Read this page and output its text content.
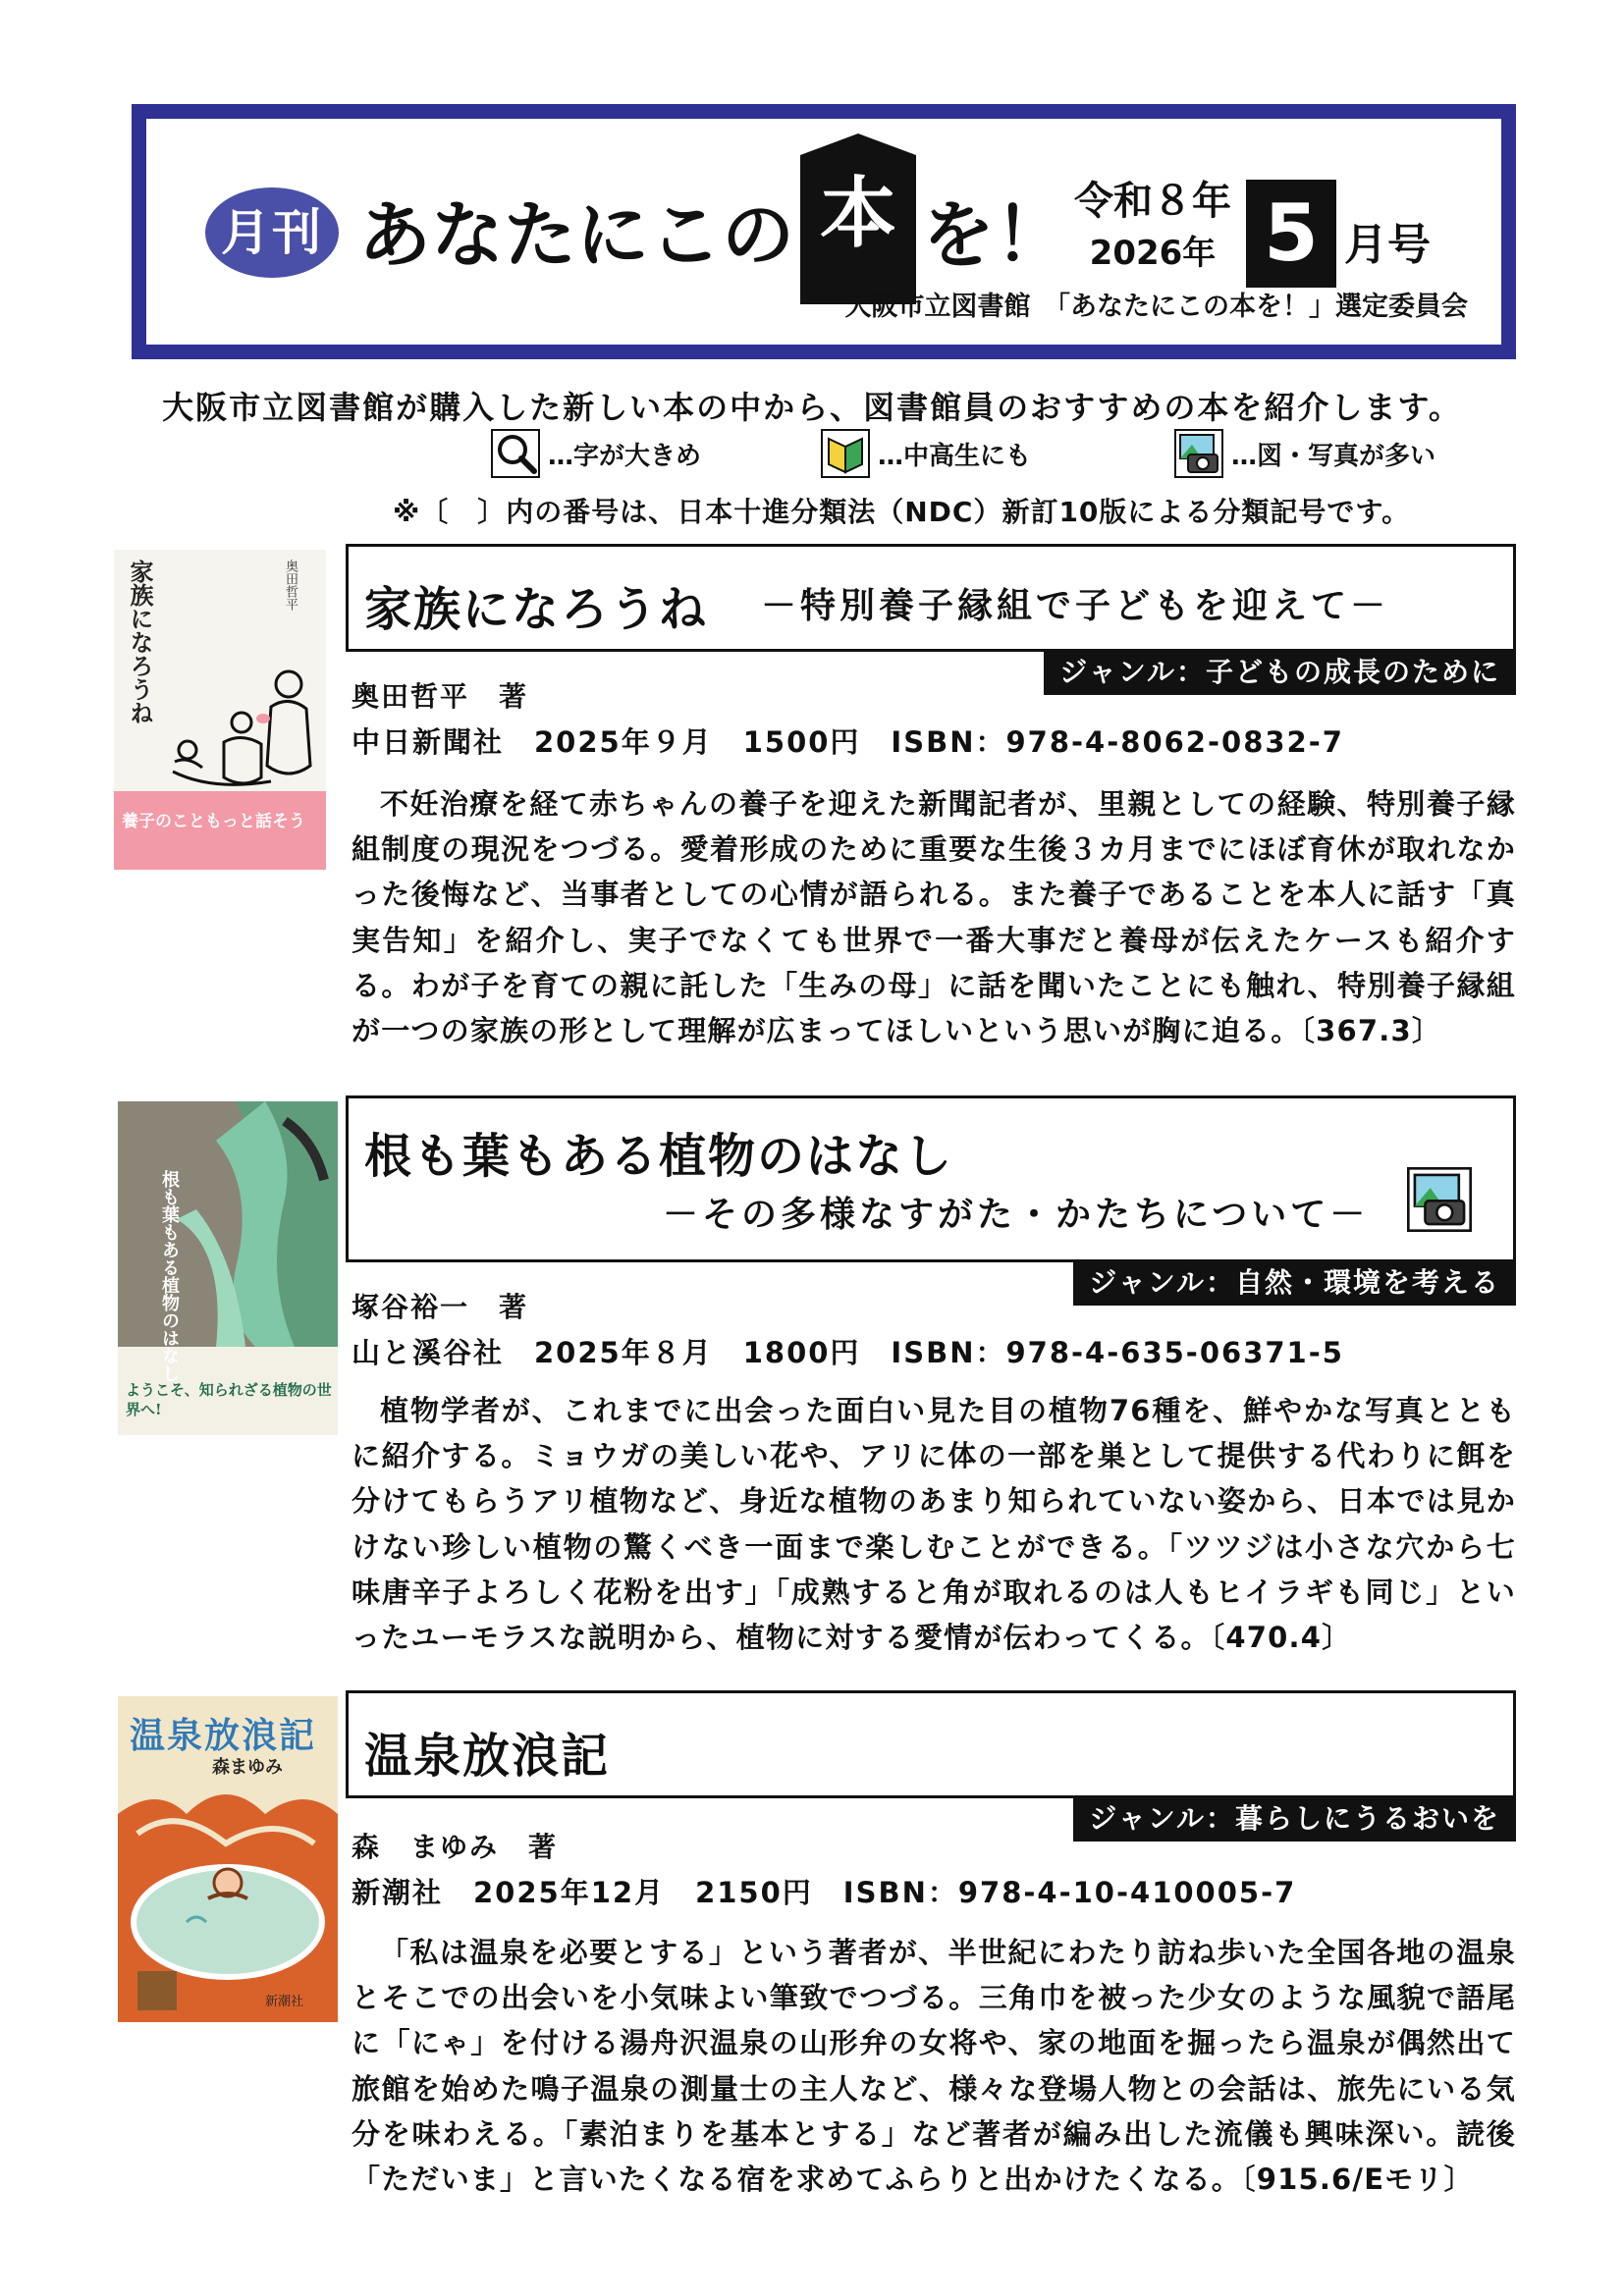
月刊 あなたにこの 本 を！ 令和８年
2026年 5 月号
大阪市立図書館　「あなたにこの本を！」選定委員会
大阪市立図書館が購入した新しい本の中から、図書館員のおすすめの本を紹介します。
…字が大きめ	…中高生にも	…図・写真が多い
※〔　〕内の番号は、日本十進分類法（NDC）新訂10版による分類記号です。
家族になろうね	奥田哲平
養子のこともっと話そう
家族になろうね －特別養子縁組で子どもを迎えて－
ジャンル：子どもの成長のために
奥田哲平　著
中日新聞社　2025年９月　1500円　ISBN：978-4-8062-0832-7
不妊治療を経て赤ちゃんの養子を迎えた新聞記者が、里親としての経験、特別養子縁組制度の現況をつづる。愛着形成のために重要な生後３カ月までにほぼ育休が取れなかった後悔など、当事者としての心情が語られる。また養子であることを本人に話す「真実告知」を紹介し、実子でなくても世界で一番大事だと養母が伝えたケースも紹介する。わが子を育ての親に託した「生みの母」に話を聞いたことにも触れ、特別養子縁組が一つの家族の形として理解が広まってほしいという思いが胸に迫る。〔367.3〕
根も葉もある植物のはなし
ようこそ、知られざる植物の世界へ!
根も葉もある植物のはなし
－その多様なすがた・かたちについて－
ジャンル：自然・環境を考える
塚谷裕一　著
山と溪谷社　2025年８月　1800円　ISBN：978-4-635-06371-5
植物学者が、これまでに出会った面白い見た目の植物76種を、鮮やかな写真とともに紹介する。ミョウガの美しい花や、アリに体の一部を巣として提供する代わりに餌を分けてもらうアリ植物など、身近な植物のあまり知られていない姿から、日本では見かけない珍しい植物の驚くべき一面まで楽しむことができる。「ツツジは小さな穴から七味唐辛子よろしく花粉を出す」「成熟すると角が取れるのは人もヒイラギも同じ」といったユーモラスな説明から、植物に対する愛情が伝わってくる。〔470.4〕
温泉放浪記
森まゆみ
新潮社
温泉放浪記
ジャンル：暮らしにうるおいを
森　まゆみ　著
新潮社　2025年12月　2150円　ISBN：978-4-10-410005-7
「私は温泉を必要とする」という著者が、半世紀にわたり訪ね歩いた全国各地の温泉とそこでの出会いを小気味よい筆致でつづる。三角巾を被った少女のような風貌で語尾に「にゃ」を付ける湯舟沢温泉の山形弁の女将や、家の地面を掘ったら温泉が偶然出て旅館を始めた鳴子温泉の測量士の主人など、様々な登場人物との会話は、旅先にいる気分を味わえる。「素泊まりを基本とする」など著者が編み出した流儀も興味深い。読後「ただいま」と言いたくなる宿を求めてふらりと出かけたくなる。〔915.6/Eモリ〕
